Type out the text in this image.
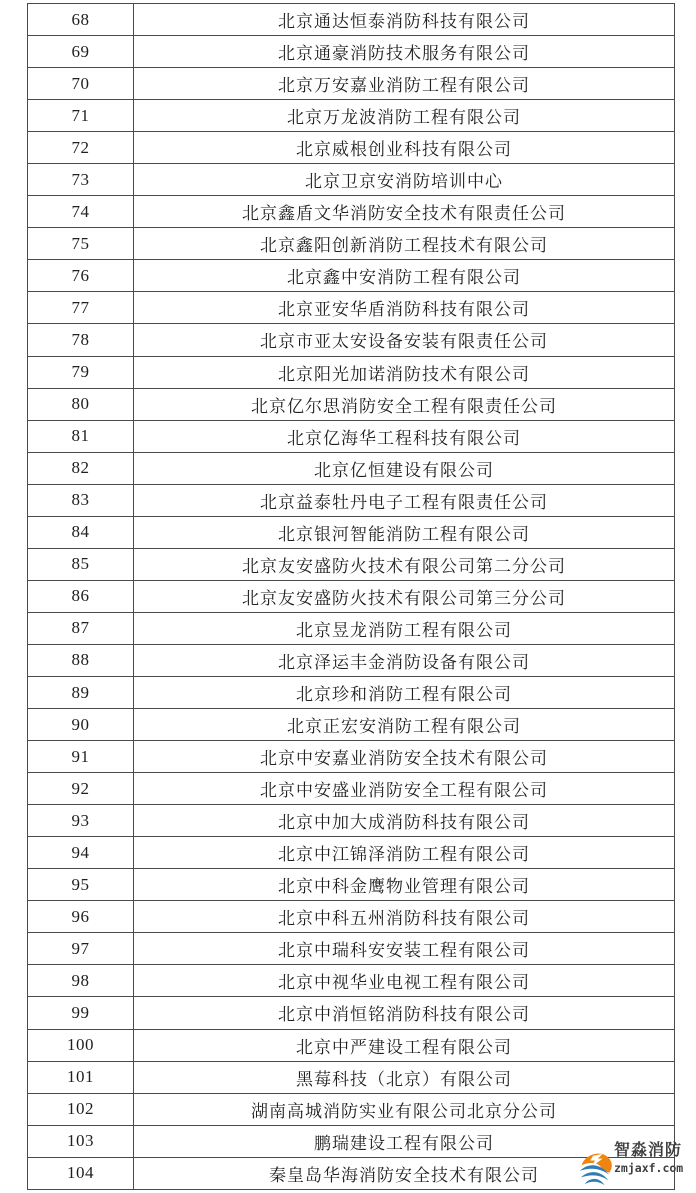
68	北京通达恒泰消防科技有限公司
69	北京通豪消防技术服务有限公司
70	北京万安嘉业消防工程有限公司
71	北京万龙波消防工程有限公司
72	北京威根创业科技有限公司
73	北京卫京安消防培训中心
74	北京鑫盾文华消防安全技术有限责任公司
75	北京鑫阳创新消防工程技术有限公司
76	北京鑫中安消防工程有限公司
77	北京亚安华盾消防科技有限公司
78	北京市亚太安设备安装有限责任公司
79	北京阳光加诺消防技术有限公司
80	北京亿尔思消防安全工程有限责任公司
81	北京亿海华工程科技有限公司
82	北京亿恒建设有限公司
83	北京益泰牡丹电子工程有限责任公司
84	北京银河智能消防工程有限公司
85	北京友安盛防火技术有限公司第二分公司
86	北京友安盛防火技术有限公司第三分公司
87	北京昱龙消防工程有限公司
88	北京泽运丰金消防设备有限公司
89	北京珍和消防工程有限公司
90	北京正宏安消防工程有限公司
91	北京中安嘉业消防安全技术有限公司
92	北京中安盛业消防安全工程有限公司
93	北京中加大成消防科技有限公司
94	北京中江锦泽消防工程有限公司
95	北京中科金鹰物业管理有限公司
96	北京中科五州消防科技有限公司
97	北京中瑞科安安装工程有限公司
98	北京中视华业电视工程有限公司
99	北京中消恒铭消防科技有限公司
100	北京中严建设工程有限公司
101	黑莓科技（北京）有限公司
102	湖南高城消防实业有限公司北京分公司
103	鹏瑞建设工程有限公司
104	秦皇岛华海消防安全技术有限公司
智淼消防
zmjaxf.com
